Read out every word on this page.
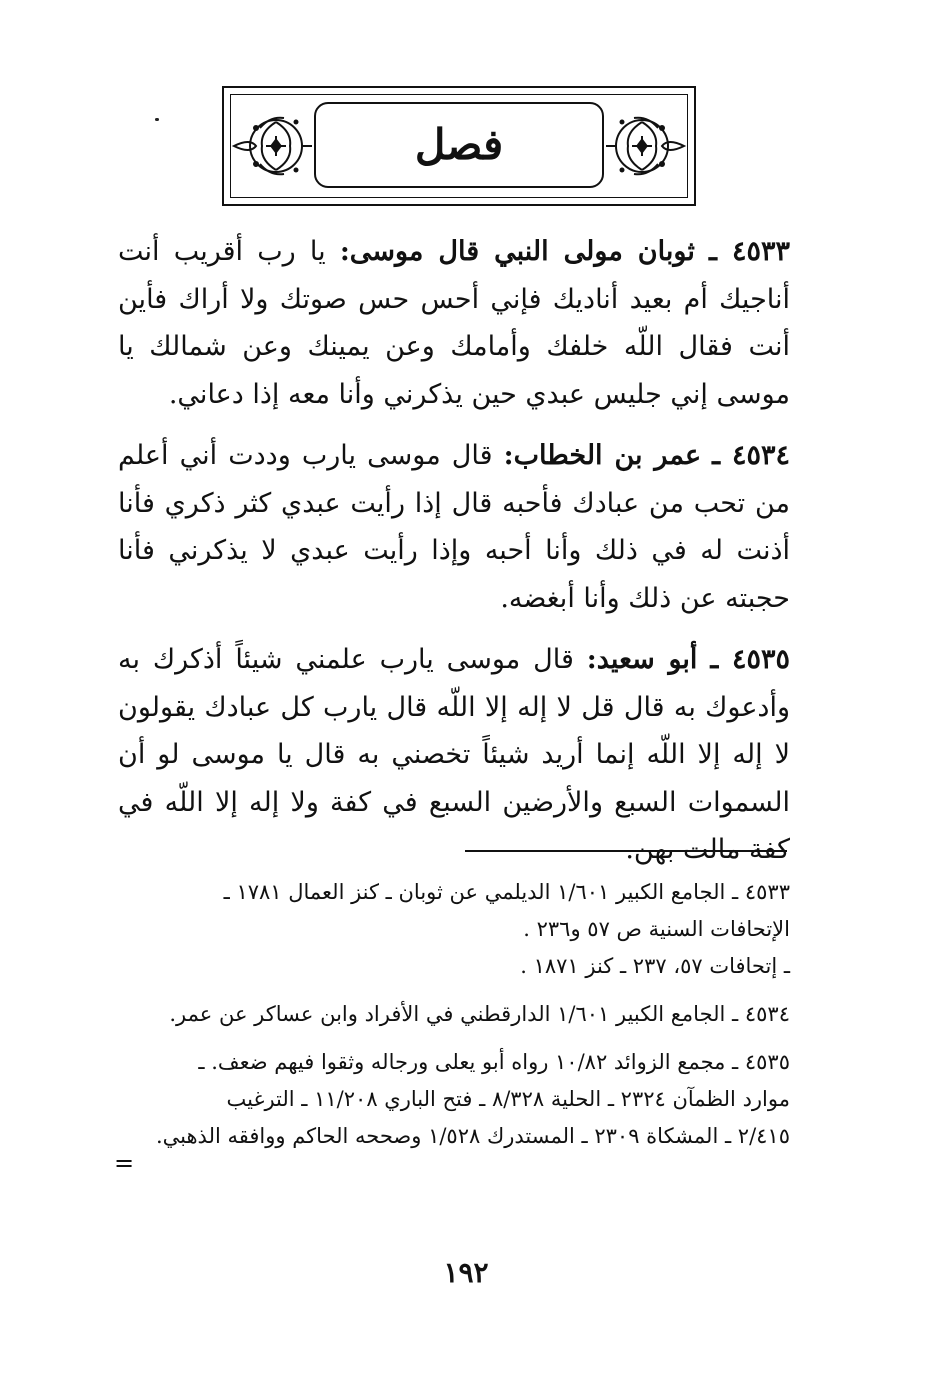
فصل

٤٥٣٣ ـ ثوبان مولى النبي قال موسى: يا رب أقريب أنت أناجيك أم بعيد أناديك فإني أحس حس صوتك ولا أراك فأين أنت فقال اللّه خلفك وأمامك وعن يمينك وعن شمالك يا موسى إني جليس عبدي حين يذكرني وأنا معه إذا دعاني.

٤٥٣٤ ـ عمر بن الخطاب: قال موسى يارب وددت أني أعلم من تحب من عبادك فأحبه قال إذا رأيت عبدي كثر ذكري فأنا أذنت له في ذلك وأنا أحبه وإذا رأيت عبدي لا يذكرني فأنا حجبته عن ذلك وأنا أبغضه.

٤٥٣٥ ـ أبو سعيد: قال موسى يارب علمني شيئاً أذكرك به وأدعوك به قال قل لا إله إلا اللّه قال يارب كل عبادك يقولون لا إله إلا اللّه إنما أريد شيئاً تخصني به قال يا موسى لو أن السموات السبع والأرضين السبع في كفة ولا إله إلا اللّه في كفة مالت بهن.

٤٥٣٣ ـ الجامع الكبير ١/٦٠١ الديلمي عن ثوبان ـ كنز العمال ١٧٨١ ـ
الإتحافات السنية ص ٥٧ و٢٣٦ .
ـ إتحافات ٥٧، ٢٣٧ ـ كنز ١٨٧١ .
٤٥٣٤ ـ الجامع الكبير ١/٦٠١ الدارقطني في الأفراد وابن عساكر عن عمر.
٤٥٣٥ ـ مجمع الزوائد ١٠/٨٢ رواه أبو يعلى ورجاله وثقوا فيهم ضعف. ـ
موارد الظمآن ٢٣٢٤ ـ الحلية ٨/٣٢٨ ـ فتح الباري ١١/٢٠٨ ـ الترغيب
٢/٤١٥ ـ المشكاة ٢٣٠٩ ـ المستدرك ١/٥٢٨ وصححه الحاكم ووافقه الذهبي.
=
١٩٢
